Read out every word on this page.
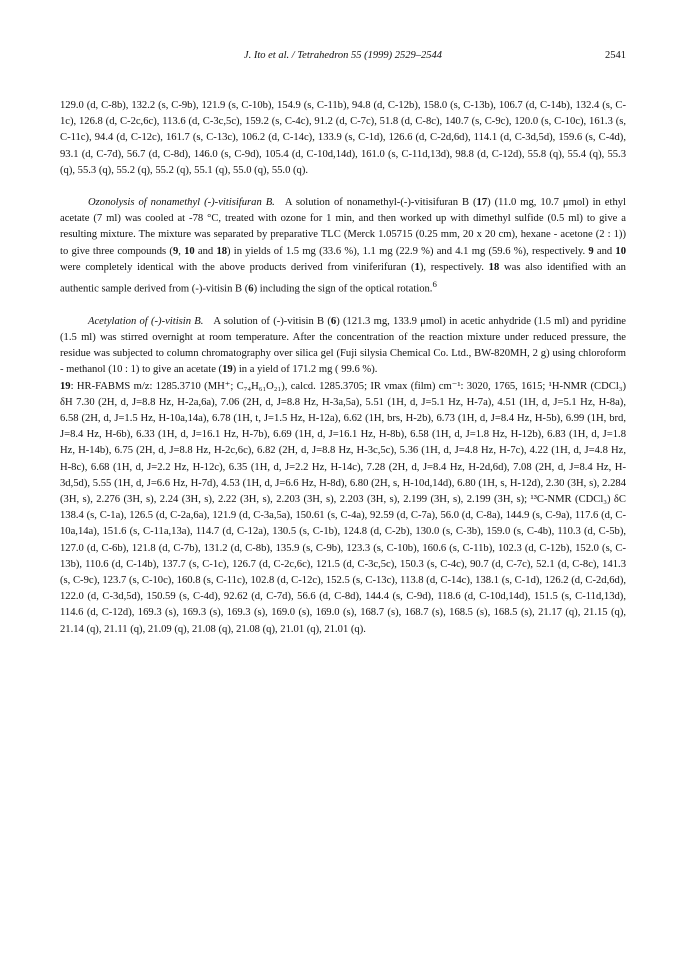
J. Ito et al. / Tetrahedron 55 (1999) 2529–2544	2541

129.0 (d, C-8b), 132.2 (s, C-9b), 121.9 (s, C-10b), 154.9 (s, C-11b), 94.8 (d, C-12b), 158.0 (s, C-13b), 106.7 (d, C-14b), 132.4 (s, C-1c), 126.8 (d, C-2c,6c), 113.6 (d, C-3c,5c), 159.2 (s, C-4c), 91.2 (d, C-7c), 51.8 (d, C-8c), 140.7 (s, C-9c), 120.0 (s, C-10c), 161.3 (s, C-11c), 94.4 (d, C-12c), 161.7 (s, C-13c), 106.2 (d, C-14c), 133.9 (s, C-1d), 126.6 (d, C-2d,6d), 114.1 (d, C-3d,5d), 159.6 (s, C-4d), 93.1 (d, C-7d), 56.7 (d, C-8d), 146.0 (s, C-9d), 105.4 (d, C-10d,14d), 161.0 (s, C-11d,13d), 98.8 (d, C-12d), 55.8 (q), 55.4 (q), 55.3 (q), 55.3 (q), 55.2 (q), 55.2 (q), 55.1 (q), 55.0 (q), 55.0 (q).

Ozonolysis of nonamethyl (-)-vitisifuran B. A solution of nonamethyl-(-)-vitisifuran B (17) (11.0 mg, 10.7 μmol) in ethyl acetate (7 ml) was cooled at -78 °C, treated with ozone for 1 min, and then worked up with dimethyl sulfide (0.5 ml) to give a resulting mixture. The mixture was separated by preparative TLC (Merck 1.05715 (0.25 mm, 20 x 20 cm), hexane - acetone (2 : 1)) to give three compounds (9, 10 and 18) in yields of 1.5 mg (33.6 %), 1.1 mg (22.9 %) and 4.1 mg (59.6 %), respectively. 9 and 10 were completely identical with the above products derived from viniferifuran (1), respectively. 18 was also identified with an authentic sample derived from (-)-vitisin B (6) including the sign of the optical rotation.$^6$

Acetylation of (-)-vitisin B. A solution of (-)-vitisin B (6) (121.3 mg, 133.9 μmol) in acetic anhydride (1.5 ml) and pyridine (1.5 ml) was stirred overnight at room temperature. After the concentration of the reaction mixture under reduced pressure, the residue was subjected to column chromatography over silica gel (Fuji silysia Chemical Co. Ltd., BW-820MH, 2 g) using chloroform - methanol (10 : 1) to give an acetate (19) in a yield of 171.2 mg ( 99.6 %).

19: HR-FABMS m/z: 1285.3710 (MH⁺; C₇₄H₆₁O₂₁), calcd. 1285.3705; IR νmax (film) cm⁻¹: 3020, 1765, 1615; ¹H-NMR (CDCl₃) δH 7.30 (2H, d, J=8.8 Hz, H-2a,6a), 7.06 (2H, d, J=8.8 Hz, H-3a,5a), 5.51 (1H, d, J=5.1 Hz, H-7a), 4.51 (1H, d, J=5.1 Hz, H-8a), 6.58 (2H, d, J=1.5 Hz, H-10a,14a), 6.78 (1H, t, J=1.5 Hz, H-12a), 6.62 (1H, brs, H-2b), 6.73 (1H, d, J=8.4 Hz, H-5b), 6.99 (1H, brd, J=8.4 Hz, H-6b), 6.33 (1H, d, J=16.1 Hz, H-7b), 6.69 (1H, d, J=16.1 Hz, H-8b), 6.58 (1H, d, J=1.8 Hz, H-12b), 6.83 (1H, d, J=1.8 Hz, H-14b), 6.75 (2H, d, J=8.8 Hz, H-2c,6c), 6.82 (2H, d, J=8.8 Hz, H-3c,5c), 5.36 (1H, d, J=4.8 Hz, H-7c), 4.22 (1H, d, J=4.8 Hz, H-8c), 6.68 (1H, d, J=2.2 Hz, H-12c), 6.35 (1H, d, J=2.2 Hz, H-14c), 7.28 (2H, d, J=8.4 Hz, H-2d,6d), 7.08 (2H, d, J=8.4 Hz, H-3d,5d), 5.55 (1H, d, J=6.6 Hz, H-7d), 4.53 (1H, d, J=6.6 Hz, H-8d), 6.80 (2H, s, H-10d,14d), 6.80 (1H, s, H-12d), 2.30 (3H, s), 2.284 (3H, s), 2.276 (3H, s), 2.24 (3H, s), 2.22 (3H, s), 2.203 (3H, s), 2.203 (3H, s), 2.199 (3H, s), 2.199 (3H, s); ¹³C-NMR (CDCl₃) δC 138.4 (s, C-1a), 126.5 (d, C-2a,6a), 121.9 (d, C-3a,5a), 150.61 (s, C-4a), 92.59 (d, C-7a), 56.0 (d, C-8a), 144.9 (s, C-9a), 117.6 (d, C-10a,14a), 151.6 (s, C-11a,13a), 114.7 (d, C-12a), 130.5 (s, C-1b), 124.8 (d, C-2b), 130.0 (s, C-3b), 159.0 (s, C-4b), 110.3 (d, C-5b), 127.0 (d, C-6b), 121.8 (d, C-7b), 131.2 (d, C-8b), 135.9 (s, C-9b), 123.3 (s, C-10b), 160.6 (s, C-11b), 102.3 (d, C-12b), 152.0 (s, C-13b), 110.6 (d, C-14b), 137.7 (s, C-1c), 126.7 (d, C-2c,6c), 121.5 (d, C-3c,5c), 150.3 (s, C-4c), 90.7 (d, C-7c), 52.1 (d, C-8c), 141.3 (s, C-9c), 123.7 (s, C-10c), 160.8 (s, C-11c), 102.8 (d, C-12c), 152.5 (s, C-13c), 113.8 (d, C-14c), 138.1 (s, C-1d), 126.2 (d, C-2d,6d), 122.0 (d, C-3d,5d), 150.59 (s, C-4d), 92.62 (d, C-7d), 56.6 (d, C-8d), 144.4 (s, C-9d), 118.6 (d, C-10d,14d), 151.5 (s, C-11d,13d), 114.6 (d, C-12d), 169.3 (s), 169.3 (s), 169.3 (s), 169.0 (s), 169.0 (s), 168.7 (s), 168.7 (s), 168.5 (s), 168.5 (s), 21.17 (q), 21.15 (q), 21.14 (q), 21.11 (q), 21.09 (q), 21.08 (q), 21.08 (q), 21.01 (q), 21.01 (q).
